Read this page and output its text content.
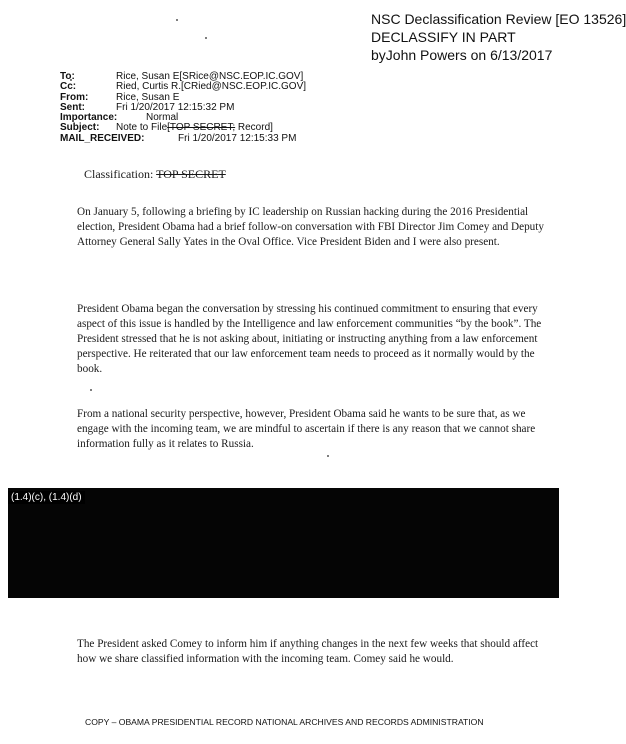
NSC Declassification Review [EO 13526]
DECLASSIFY IN PART
byJohn Powers on 6/13/2017
To:	Rice, Susan E[SRice@NSC.EOP.IC.GOV]
Cc:	Ried, Curtis R.[CRied@NSC.EOP.IC.GOV]
From:	Rice, Susan E
Sent:	Fri 1/20/2017 12:15:32 PM
Importance:	Normal
Subject:	Note to File[TOP SECRET; Record]
MAIL_RECEIVED:	Fri 1/20/2017 12:15:33 PM
Classification: TOP SECRET

On January 5, following a briefing by IC leadership on Russian hacking during the 2016 Presidential election, President Obama had a brief follow-on conversation with FBI Director Jim Comey and Deputy Attorney General Sally Yates in the Oval Office. Vice President Biden and I were also present.

President Obama began the conversation by stressing his continued commitment to ensuring that every aspect of this issue is handled by the Intelligence and law enforcement communities “by the book”. The President stressed that he is not asking about, initiating or instructing anything from a law enforcement perspective. He reiterated that our law enforcement team needs to proceed as it normally would by the book.

From a national security perspective, however, President Obama said he wants to be sure that, as we engage with the incoming team, we are mindful to ascertain if there is any reason that we cannot share information fully as it relates to Russia.

(1.4)(c), (1.4)(d)

The President asked Comey to inform him if anything changes in the next few weeks that should affect how we share classified information with the incoming team. Comey said he would.

COPY – OBAMA PRESIDENTIAL RECORD NATIONAL ARCHIVES AND RECORDS ADMINISTRATION
